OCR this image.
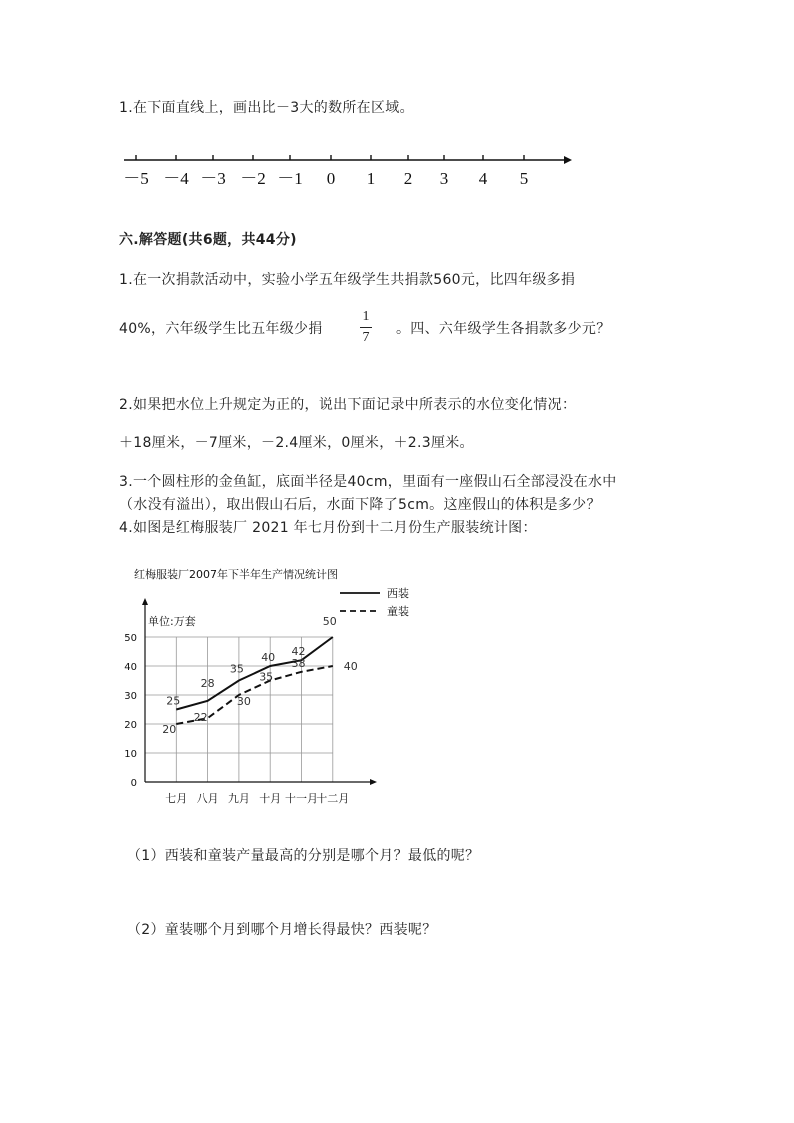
1.在下面直线上，画出比－3大的数所在区域。
－5 －4 －3 －2 －1 0 1 2 3 4 5
六.解答题(共6题，共44分)
1.在一次捐款活动中，实验小学五年级学生共捐款560元，比四年级多捐
40%，六年级学生比五年级少捐
1
7
。四、六年级学生各捐款多少元？
2.如果把水位上升规定为正的，说出下面记录中所表示的水位变化情况：
＋18厘米，－7厘米，－2.4厘米，0厘米，＋2.3厘米。
3.一个圆柱形的金鱼缸，底面半径是40cm，里面有一座假山石全部浸没在水中
（水没有溢出），取出假山石后，水面下降了5cm。这座假山的体积是多少？
4.如图是红梅服装厂 2021 年七月份到十二月份生产服装统计图：
红梅服装厂2007年下半年生产情况统计图
单位:万套
西装
童装
0
10
20
30
40
50
七月 八月 九月 十月 十一月
十二月
25
28
35
40 42
50
20
22
30
35
38	40
（1）西装和童装产量最高的分别是哪个月？最低的呢？
（2）童装哪个月到哪个月增长得最快？西装呢？
